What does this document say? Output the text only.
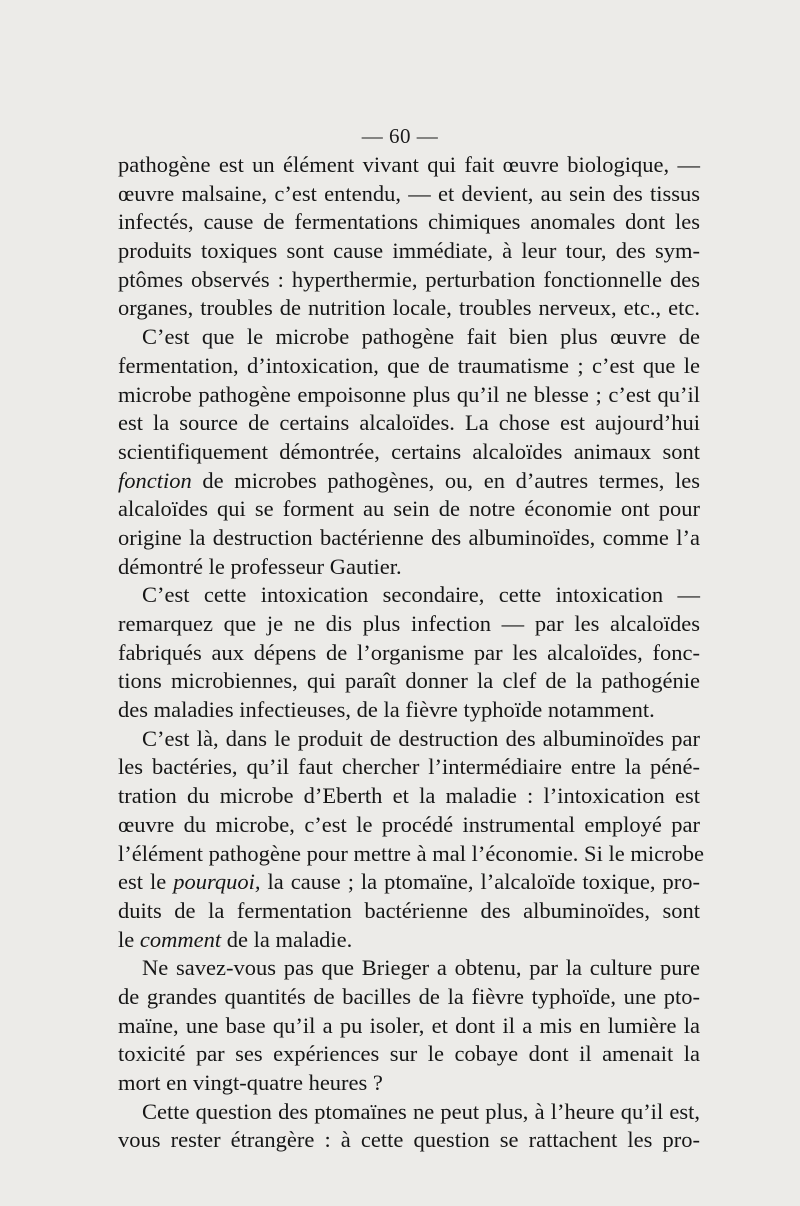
— 60 —
pathogène est un élément vivant qui fait œuvre biologique, —
œuvre malsaine, c’est entendu, — et devient, au sein des tissus
infectés, cause de fermentations chimiques anomales dont les
produits toxiques sont cause immédiate, à leur tour, des sym-
ptômes observés : hyperthermie, perturbation fonctionnelle des
organes, troubles de nutrition locale, troubles nerveux, etc., etc.
C’est que le microbe pathogène fait bien plus œuvre de
fermentation, d’intoxication, que de traumatisme ; c’est que le
microbe pathogène empoisonne plus qu’il ne blesse ; c’est qu’il
est la source de certains alcaloïdes. La chose est aujourd’hui
scientifiquement démontrée, certains alcaloïdes animaux sont
fonction de microbes pathogènes, ou, en d’autres termes, les
alcaloïdes qui se forment au sein de notre économie ont pour
origine la destruction bactérienne des albuminoïdes, comme l’a
démontré le professeur Gautier.
C’est cette intoxication secondaire, cette intoxication —
remarquez que je ne dis plus infection — par les alcaloïdes
fabriqués aux dépens de l’organisme par les alcaloïdes, fonc-
tions microbiennes, qui paraît donner la clef de la pathogénie
des maladies infectieuses, de la fièvre typhoïde notamment.
C’est là, dans le produit de destruction des albuminoïdes par
les bactéries, qu’il faut chercher l’intermédiaire entre la péné-
tration du microbe d’Eberth et la maladie : l’intoxication est
œuvre du microbe, c’est le procédé instrumental employé par
l’élément pathogène pour mettre à mal l’économie. Si le microbe
est le pourquoi, la cause ; la ptomaïne, l’alcaloïde toxique, pro-
duits de la fermentation bactérienne des albuminoïdes, sont
le comment de la maladie.
Ne savez-vous pas que Brieger a obtenu, par la culture pure
de grandes quantités de bacilles de la fièvre typhoïde, une pto-
maïne, une base qu’il a pu isoler, et dont il a mis en lumière la
toxicité par ses expériences sur le cobaye dont il amenait la
mort en vingt-quatre heures ?
Cette question des ptomaïnes ne peut plus, à l’heure qu’il est,
vous rester étrangère : à cette question se rattachent les pro-
